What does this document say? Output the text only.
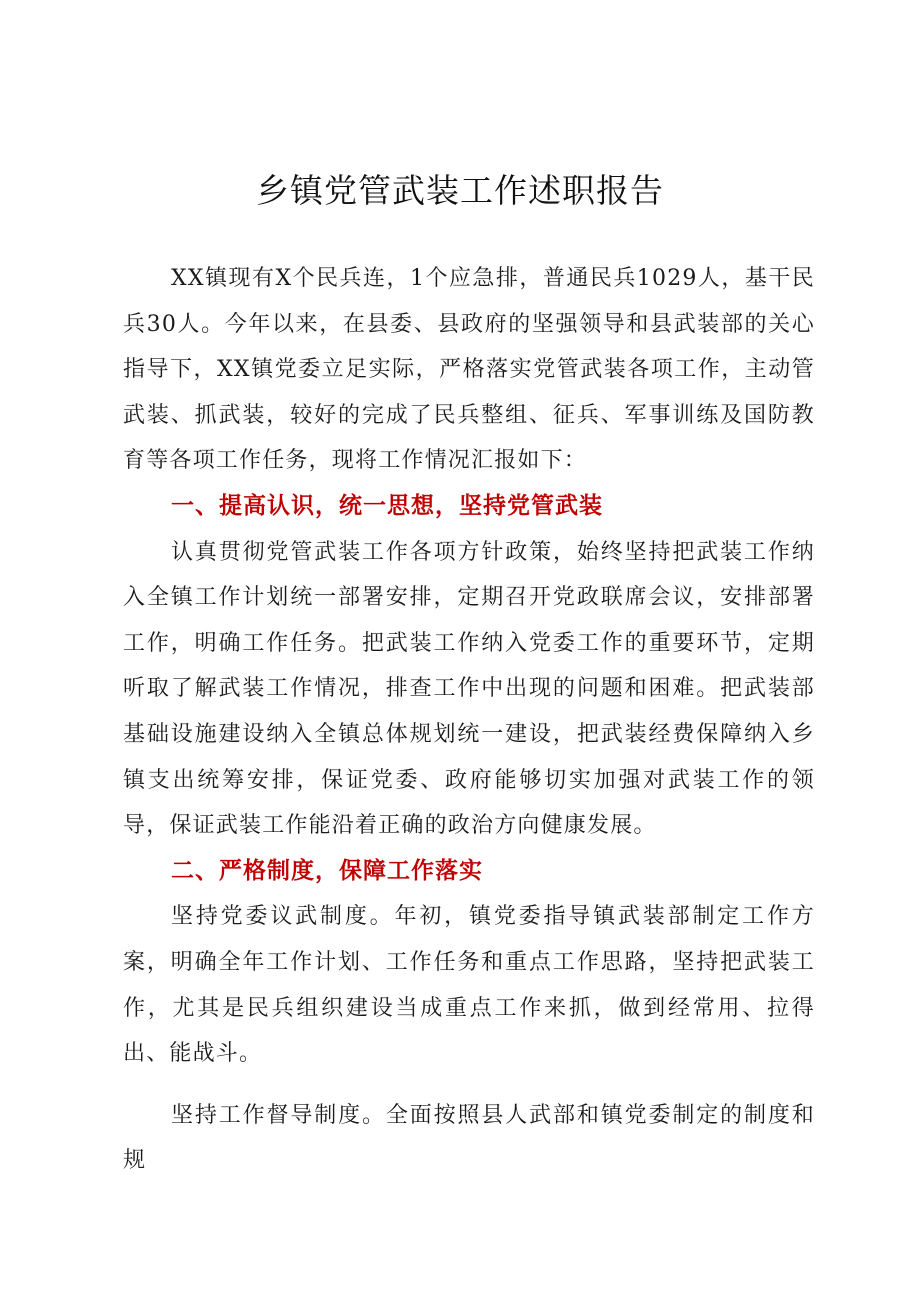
乡镇党管武装工作述职报告

XX镇现有X个民兵连，1个应急排，普通民兵1029人，基干民兵30人。今年以来，在县委、县政府的坚强领导和县武装部的关心指导下，XX镇党委立足实际，严格落实党管武装各项工作，主动管武装、抓武装，较好的完成了民兵整组、征兵、军事训练及国防教育等各项工作任务，现将工作情况汇报如下：

一、提高认识，统一思想，坚持党管武装

认真贯彻党管武装工作各项方针政策，始终坚持把武装工作纳入全镇工作计划统一部署安排，定期召开党政联席会议，安排部署工作，明确工作任务。把武装工作纳入党委工作的重要环节，定期听取了解武装工作情况，排查工作中出现的问题和困难。把武装部基础设施建设纳入全镇总体规划统一建设，把武装经费保障纳入乡镇支出统筹安排，保证党委、政府能够切实加强对武装工作的领导，保证武装工作能沿着正确的政治方向健康发展。

二、严格制度，保障工作落实

坚持党委议武制度。年初，镇党委指导镇武装部制定工作方案，明确全年工作计划、工作任务和重点工作思路，坚持把武装工作，尤其是民兵组织建设当成重点工作来抓，做到经常用、拉得出、能战斗。

坚持工作督导制度。全面按照县人武部和镇党委制定的制度和规
